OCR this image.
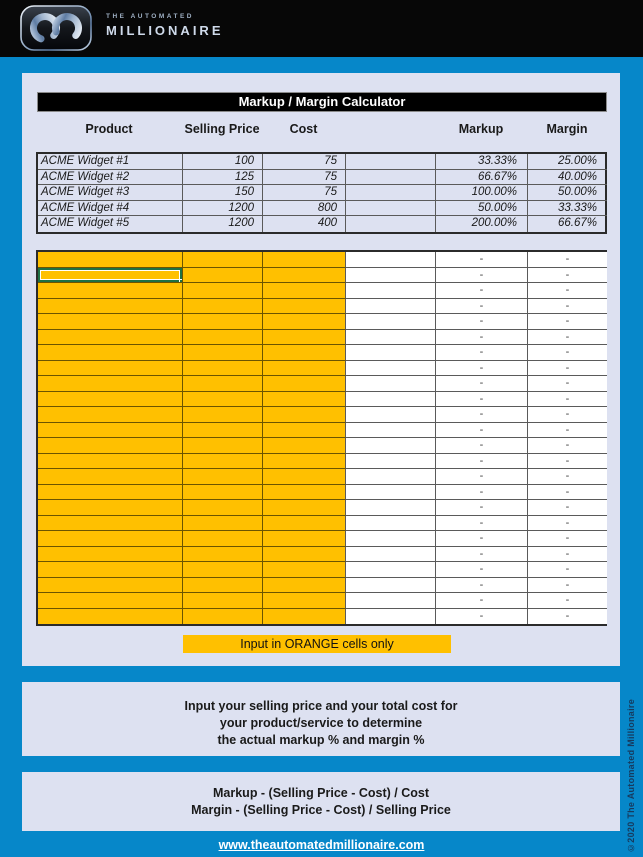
THE AUTOMATED
MILLIONAIRE
Markup / Margin Calculator
Product	Selling Price	Cost	Markup	Margin
ACME Widget #1	100	75	33.33%	25.00%
ACME Widget #2	125	75	66.67%	40.00%
ACME Widget #3	150	75	100.00%	50.00%
ACME Widget #4	1200	800	50.00%	33.33%
ACME Widget #5	1200	400	200.00%	66.67%
-	-
-	-
-	-
-	-
-	-
-	-
-	-
-	-
-	-
-	-
-	-
-	-
-	-
-	-
-	-
-	-
-	-
-	-
-	-
-	-
-	-
-	-
-	-
-	-
Input in ORANGE cells only
Input your selling price and your total cost for
your product/service to determine
the actual markup % and margin %
Markup - (Selling Price - Cost) / Cost
Margin - (Selling Price - Cost) / Selling Price
www.theautomatedmillionaire.com	©2020 The Automated Millionaire
